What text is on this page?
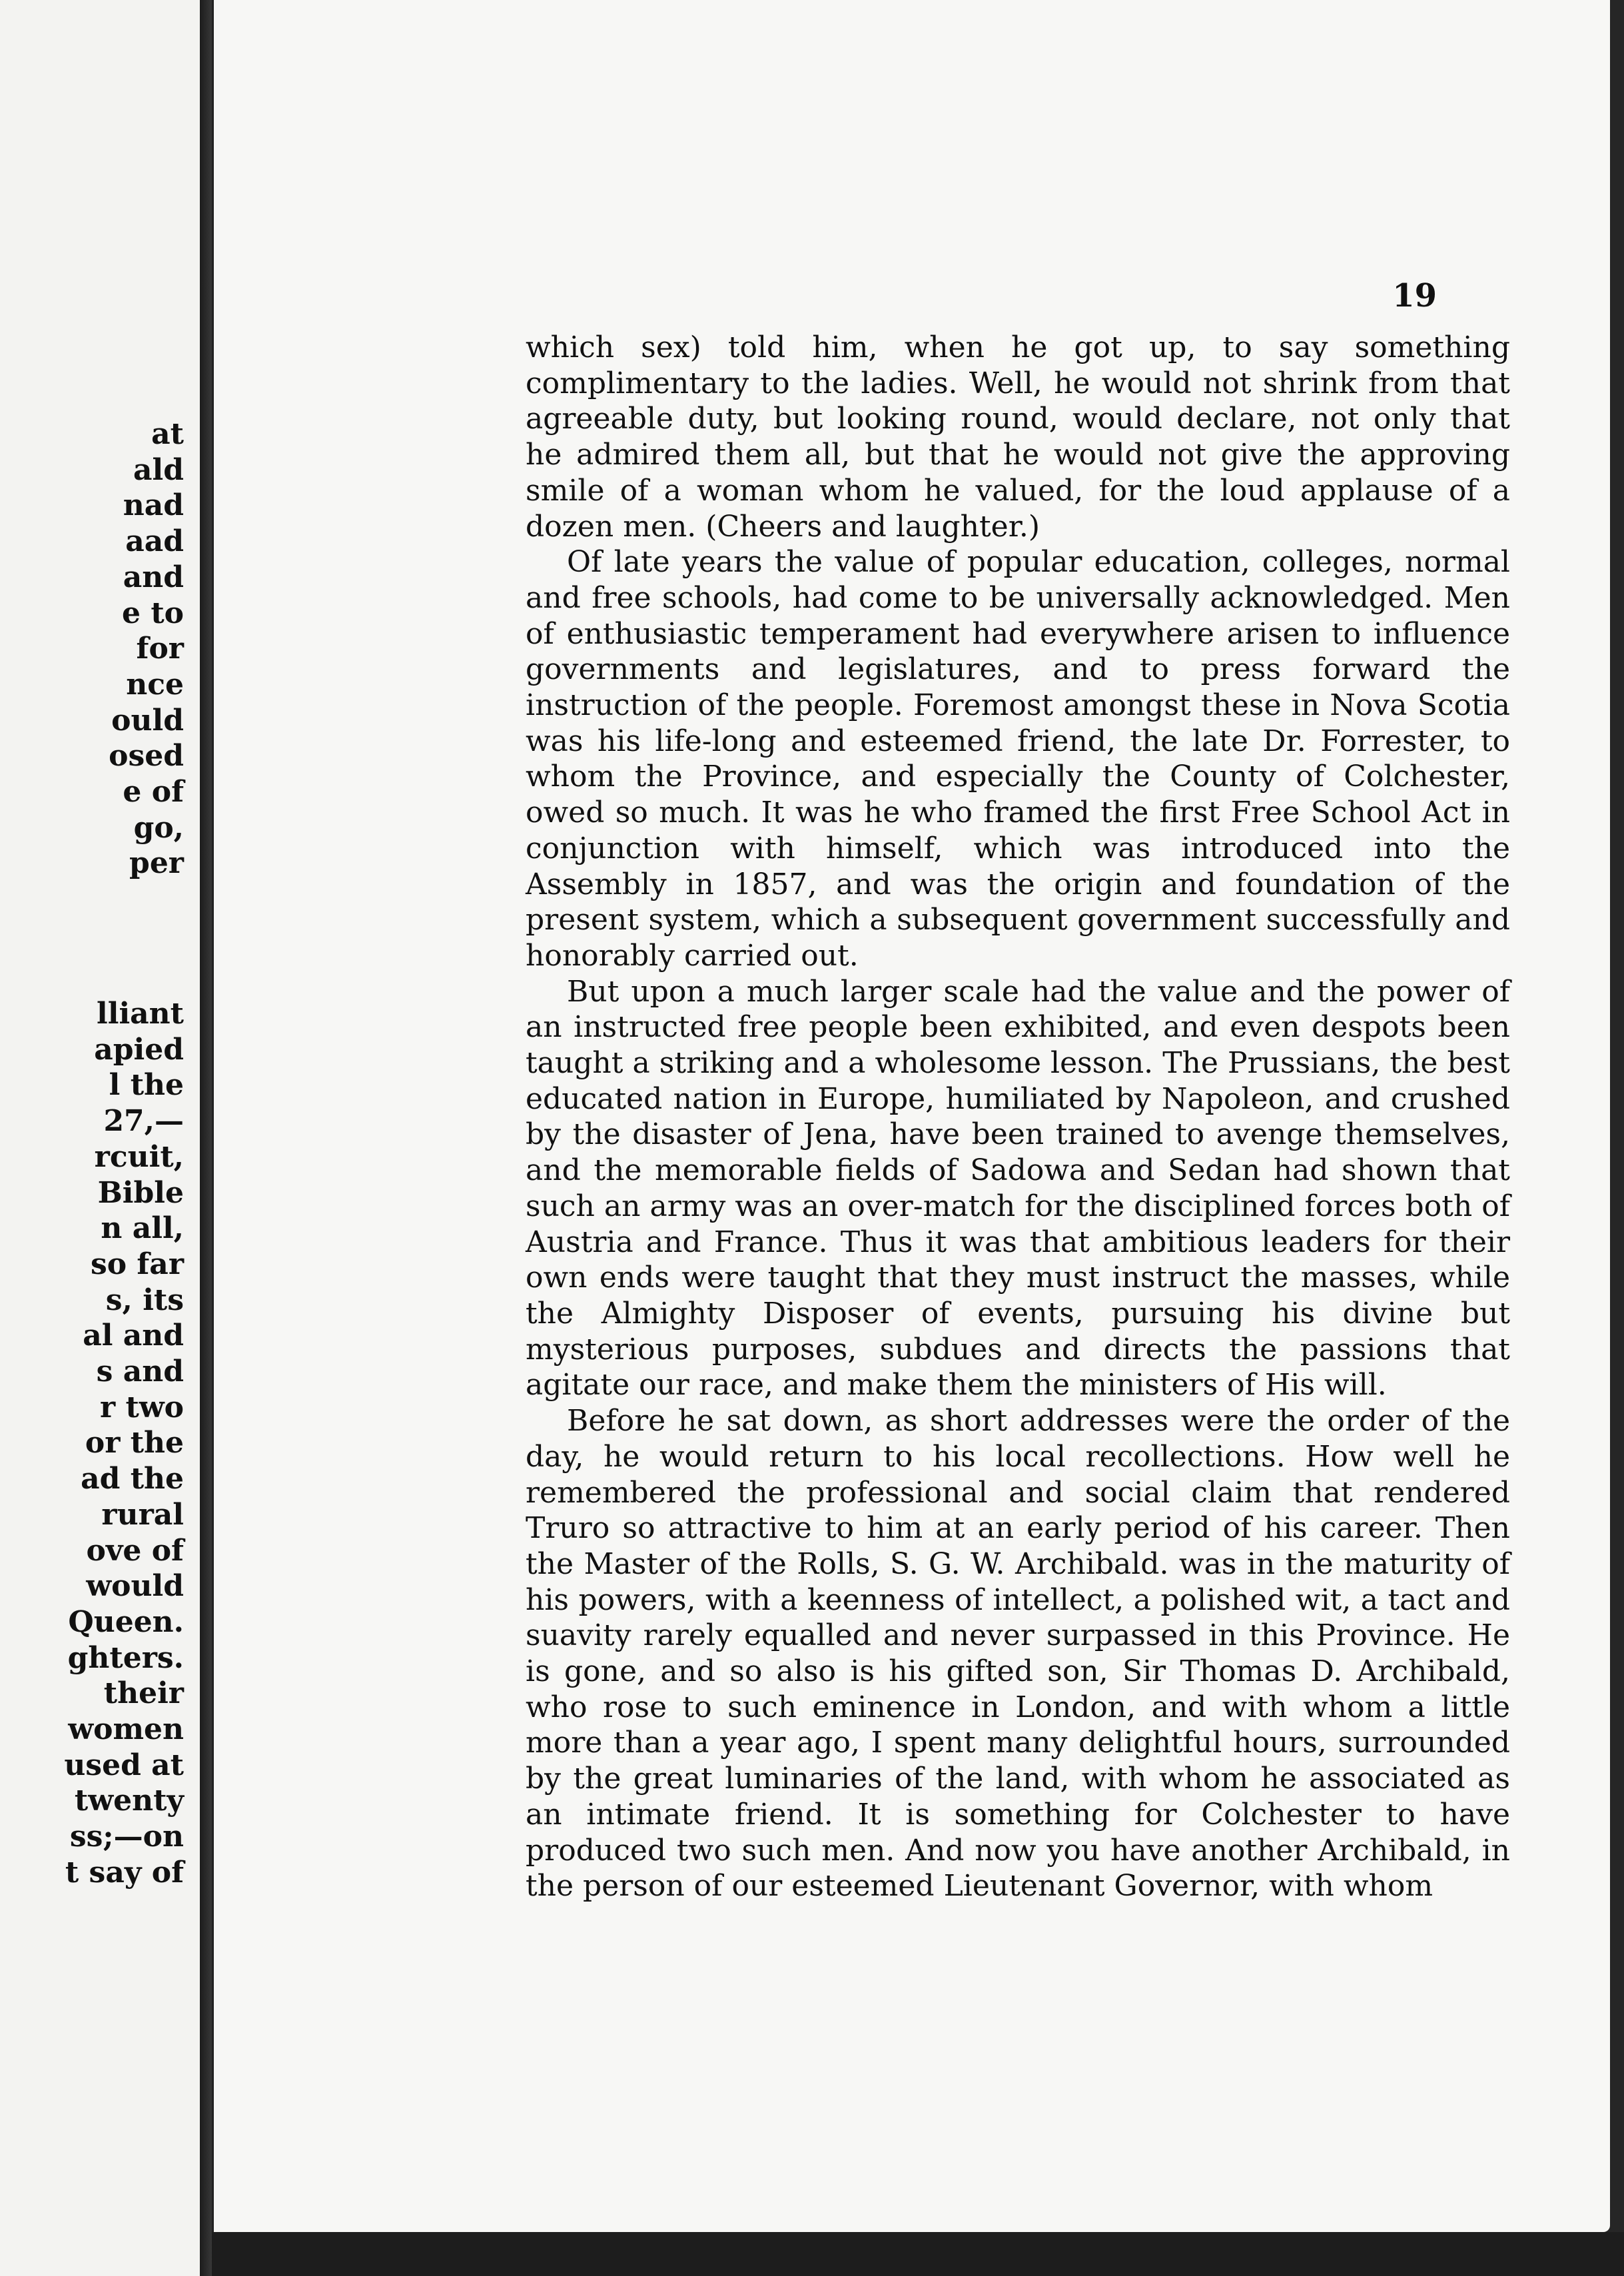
at
ald
nad
aad
and
e to
for
nce
ould
osed
e of
go,
per
lliant
apied
l the
27,—
rcuit,
Bible
n all,
so far
s, its
al and
s and
r two
or the
ad the
rural
ove of
would
Queen.
ghters.
their
women
used at
twenty
ss;—on
t say of
19

which sex) told him, when he got up, to say something complimentary to the ladies. Well, he would not shrink from that agreeable duty, but looking round, would declare, not only that he admired them all, but that he would not give the approving smile of a woman whom he valued, for the loud applause of a dozen men. (Cheers and laughter.)

Of late years the value of popular education, colleges, normal and free schools, had come to be universally acknowledged. Men of enthusiastic temperament had everywhere arisen to influence governments and legislatures, and to press forward the instruction of the people. Foremost amongst these in Nova Scotia was his life-long and esteemed friend, the late Dr. Forrester, to whom the Province, and especially the County of Colchester, owed so much. It was he who framed the first Free School Act in conjunction with himself, which was introduced into the Assembly in 1857, and was the origin and foundation of the present system, which a subsequent government successfully and honorably carried out.

But upon a much larger scale had the value and the power of an instructed free people been exhibited, and even despots been taught a striking and a wholesome lesson. The Prussians, the best educated nation in Europe, humiliated by Napoleon, and crushed by the disaster of Jena, have been trained to avenge themselves, and the memorable fields of Sadowa and Sedan had shown that such an army was an over-match for the disciplined forces both of Austria and France. Thus it was that ambitious leaders for their own ends were taught that they must instruct the masses, while the Almighty Disposer of events, pursuing his divine but mysterious purposes, subdues and directs the passions that agitate our race, and make them the ministers of His will.

Before he sat down, as short addresses were the order of the day, he would return to his local recollections. How well he remembered the professional and social claim that rendered Truro so attractive to him at an early period of his career. Then the Master of the Rolls, S. G. W. Archibald. was in the maturity of his powers, with a keenness of intellect, a polished wit, a tact and suavity rarely equalled and never surpassed in this Province. He is gone, and so also is his gifted son, Sir Thomas D. Archibald, who rose to such eminence in London, and with whom a little more than a year ago, I spent many delightful hours, surrounded by the great luminaries of the land, with whom he associated as an intimate friend. It is something for Colchester to have produced two such men. And now you have another Archibald, in the person of our esteemed Lieutenant Governor, with whom
